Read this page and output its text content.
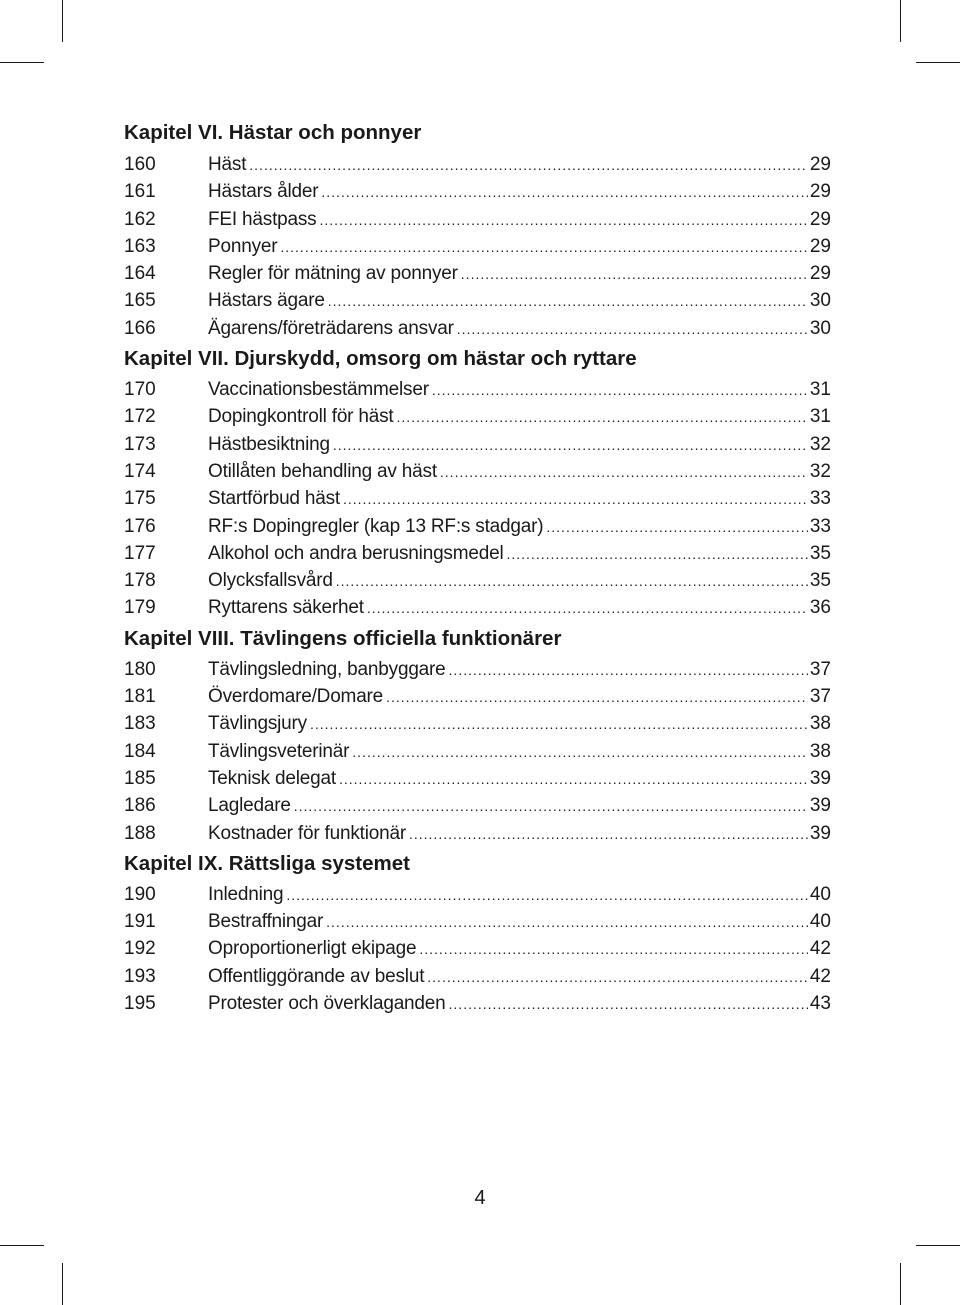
Kapitel VI. Hästar och ponnyer
160	Häst .....	29
161	Hästars ålder .....	29
162	FEI hästpass .....	29
163	Ponnyer .....	29
164	Regler för mätning av ponnyer .....	29
165	Hästars ägare .....	30
166	Ägarens/företrädarens ansvar .....	30
Kapitel VII. Djurskydd, omsorg om hästar och ryttare
170	Vaccinationsbestämmelser .....	31
172	Dopingkontroll för häst .....	31
173	Hästbesiktning .....	32
174	Otillåten behandling av häst .....	32
175	Startförbud häst .....	33
176	RF:s Dopingregler (kap 13 RF:s stadgar) .....	33
177	Alkohol och andra berusningsmedel .....	35
178	Olycksfallsvård .....	35
179	Ryttarens säkerhet .....	36
Kapitel VIII. Tävlingens officiella funktionärer
180	Tävlingsledning, banbyggare .....	37
181	Överdomare/Domare .....	37
183	Tävlingsjury .....	38
184	Tävlingsveterinär .....	38
185	Teknisk delegat .....	39
186	Lagledare .....	39
188	Kostnader för funktionär .....	39
Kapitel IX. Rättsliga systemet
190	Inledning .....	40
191	Bestraffningar .....	40
192	Oproportionerligt ekipage .....	42
193	Offentliggörande av beslut .....	42
195	Protester och överklaganden .....	43
4
